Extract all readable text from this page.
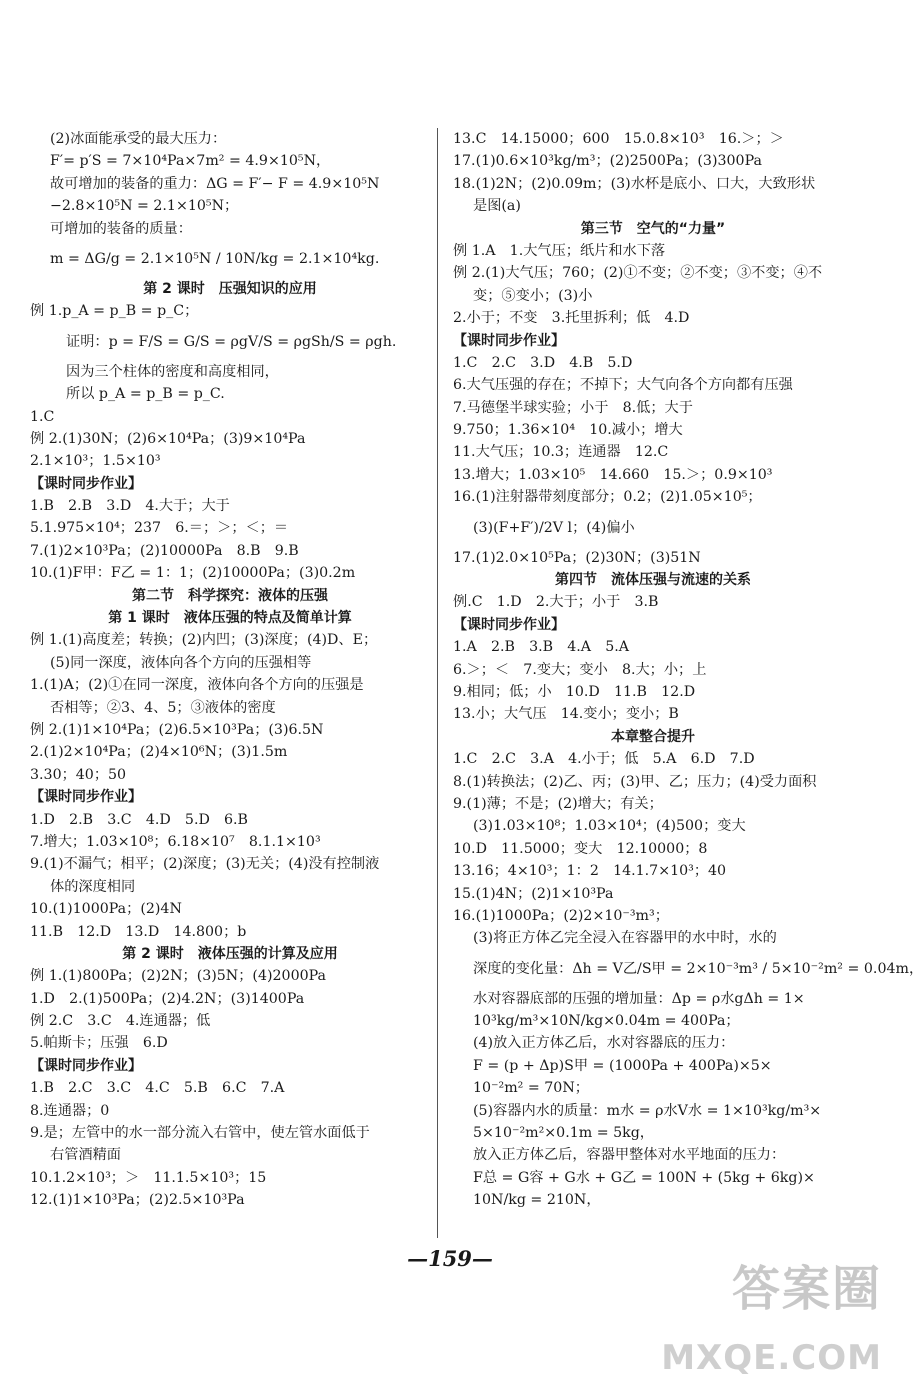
(2)冰面能承受的最大压力：
F′= p′S = 7×10⁴Pa×7m² = 4.9×10⁵N，
故可增加的装备的重力：ΔG = F′− F = 4.9×10⁵N
−2.8×10⁵N = 2.1×10⁵N；
可增加的装备的质量：
m = ΔG/g = 2.1×10⁵N / 10N/kg = 2.1×10⁴kg.
第 2 课时　压强知识的应用
例 1.p_A = p_B = p_C；
证明：p = F/S = G/S = ρgV/S = ρgSh/S = ρgh.
因为三个柱体的密度和高度相同，
所以 p_A = p_B = p_C.
1.C
例 2.(1)30N；(2)6×10⁴Pa；(3)9×10⁴Pa
2.1×10³；1.5×10³
【课时同步作业】
1.B　2.B　3.D　4.大于；大于
5.1.975×10⁴；237　6.＝；＞；＜；＝
7.(1)2×10³Pa；(2)10000Pa　8.B　9.B
10.(1)F甲：F乙 = 1：1；(2)10000Pa；(3)0.2m
第二节　科学探究：液体的压强
第 1 课时　液体压强的特点及简单计算
例 1.(1)高度差；转换；(2)内凹；(3)深度；(4)D、E；
(5)同一深度，液体向各个方向的压强相等
1.(1)A；(2)①在同一深度，液体向各个方向的压强是
否相等；②3、4、5；③液体的密度
例 2.(1)1×10⁴Pa；(2)6.5×10³Pa；(3)6.5N
2.(1)2×10⁴Pa；(2)4×10⁶N；(3)1.5m
3.30；40；50
【课时同步作业】
1.D　2.B　3.C　4.D　5.D　6.B
7.增大；1.03×10⁸；6.18×10⁷　8.1.1×10³
9.(1)不漏气；相平；(2)深度；(3)无关；(4)没有控制液
体的深度相同
10.(1)1000Pa；(2)4N
11.B　12.D　13.D　14.800；b
第 2 课时　液体压强的计算及应用
例 1.(1)800Pa；(2)2N；(3)5N；(4)2000Pa
1.D　2.(1)500Pa；(2)4.2N；(3)1400Pa
例 2.C　3.C　4.连通器；低
5.帕斯卡；压强　6.D
【课时同步作业】
1.B　2.C　3.C　4.C　5.B　6.C　7.A
8.连通器；0
9.是；左管中的水一部分流入右管中，使左管水面低于
右管酒精面
10.1.2×10³；＞　11.1.5×10³；15
12.(1)1×10³Pa；(2)2.5×10³Pa
13.C　14.15000；600　15.0.8×10³　16.＞；＞
17.(1)0.6×10³kg/m³；(2)2500Pa；(3)300Pa
18.(1)2N；(2)0.09m；(3)水杯是底小、口大，大致形状
是图(a)
第三节　空气的“力量”
例 1.A　1.大气压；纸片和水下落
例 2.(1)大气压；760；(2)①不变；②不变；③不变；④不
变；⑤变小；(3)小
2.小于；不变　3.托里拆利；低　4.D
【课时同步作业】
1.C　2.C　3.D　4.B　5.D
6.大气压强的存在；不掉下；大气向各个方向都有压强
7.马德堡半球实验；小于　8.低；大于
9.750；1.36×10⁴　10.减小；增大
11.大气压；10.3；连通器　12.C
13.增大；1.03×10⁵　14.660　15.＞；0.9×10³
16.(1)注射器带刻度部分；0.2；(2)1.05×10⁵；
(3)(F+F′)/2V l；(4)偏小
17.(1)2.0×10⁵Pa；(2)30N；(3)51N
第四节　流体压强与流速的关系
例.C　1.D　2.大于；小于　3.B
【课时同步作业】
1.A　2.B　3.B　4.A　5.A
6.＞；＜　7.变大；变小　8.大；小；上
9.相同；低；小　10.D　11.B　12.D
13.小；大气压　14.变小；变小；B
本章整合提升
1.C　2.C　3.A　4.小于；低　5.A　6.D　7.D
8.(1)转换法；(2)乙、丙；(3)甲、乙；压力；(4)受力面积
9.(1)薄；不是；(2)增大；有关；
(3)1.03×10⁸；1.03×10⁴；(4)500；变大
10.D　11.5000；变大　12.10000；8
13.16；4×10³；1：2　14.1.7×10³；40
15.(1)4N；(2)1×10³Pa
16.(1)1000Pa；(2)2×10⁻³m³；
(3)将正方体乙完全浸入在容器甲的水中时，水的
深度的变化量：Δh = V乙/S甲 = 2×10⁻³m³ / 5×10⁻²m² = 0.04m，
水对容器底部的压强的增加量：Δp = ρ水gΔh = 1×
10³kg/m³×10N/kg×0.04m = 400Pa；
(4)放入正方体乙后，水对容器底的压力：
F = (p + Δp)S甲 = (1000Pa + 400Pa)×5×
10⁻²m² = 70N；
(5)容器内水的质量：m水 = ρ水V水 = 1×10³kg/m³×
5×10⁻²m²×0.1m = 5kg，
放入正方体乙后，容器甲整体对水平地面的压力：
F总 = G容 + G水 + G乙 = 100N + (5kg + 6kg)×
10N/kg = 210N，
—159—
答案圈
MXQE.COM
